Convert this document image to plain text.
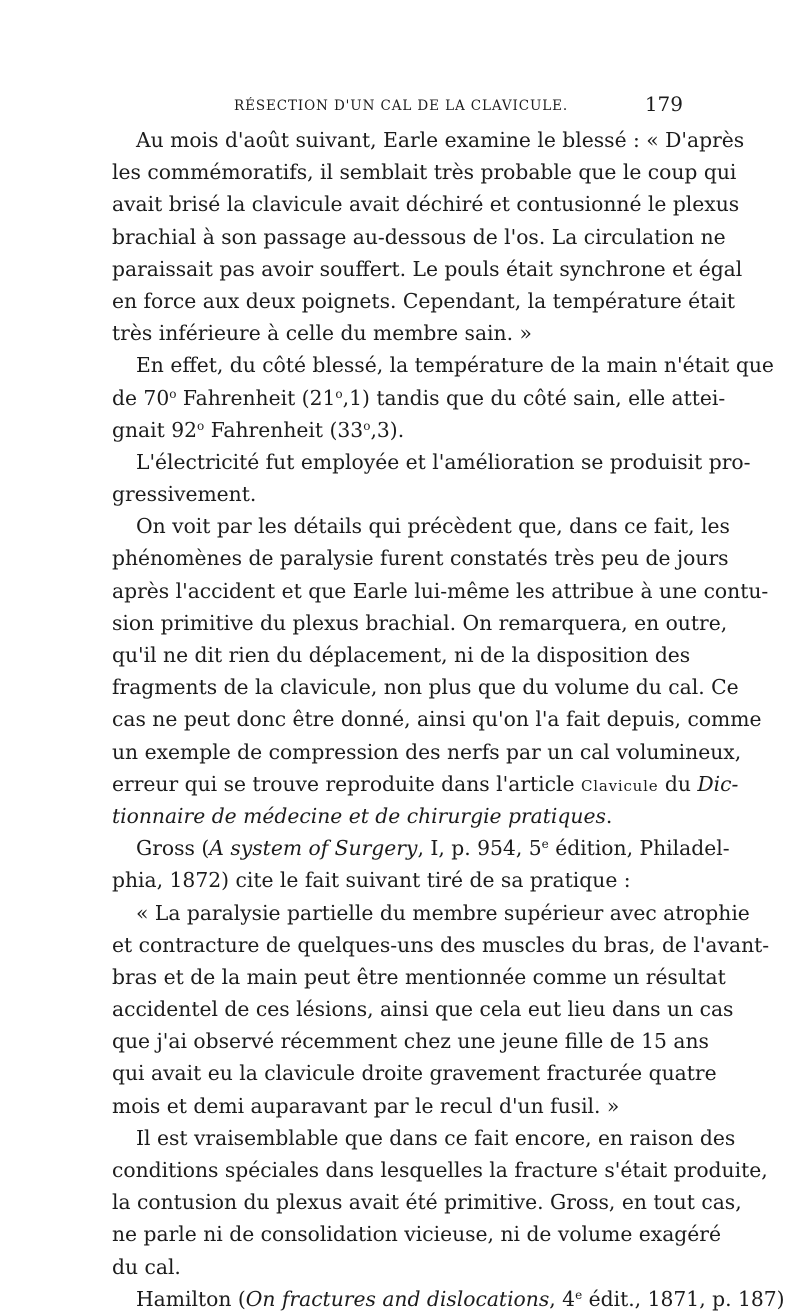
RÉSECTION D'UN CAL DE LA CLAVICULE.	179
Au mois d'août suivant, Earle examine le blessé : « D'après
les commémoratifs, il semblait très probable que le coup qui
avait brisé la clavicule avait déchiré et contusionné le plexus
brachial à son passage au-dessous de l'os. La circulation ne
paraissait pas avoir souffert. Le pouls était synchrone et égal
en force aux deux poignets. Cependant, la température était
très inférieure à celle du membre sain. »
En effet, du côté blessé, la température de la main n'était que
de 70$^o$ Fahrenheit (21$^o$,1) tandis que du côté sain, elle attei-
gnait 92$^o$ Fahrenheit (33$^o$,3).
L'électricité fut employée et l'amélioration se produisit pro-
gressivement.
On voit par les détails qui précèdent que, dans ce fait, les
phénomènes de paralysie furent constatés très peu de jours
après l'accident et que Earle lui-même les attribue à une contu-
sion primitive du plexus brachial. On remarquera, en outre,
qu'il ne dit rien du déplacement, ni de la disposition des
fragments de la clavicule, non plus que du volume du cal. Ce
cas ne peut donc être donné, ainsi qu'on l'a fait depuis, comme
un exemple de compression des nerfs par un cal volumineux,
erreur qui se trouve reproduite dans l'article Clavicule du Dic-
tionnaire de médecine et de chirurgie pratiques.
Gross (A system of Surgery, I, p. 954, 5e édition, Philadel-
phia, 1872) cite le fait suivant tiré de sa pratique :
« La paralysie partielle du membre supérieur avec atrophie
et contracture de quelques-uns des muscles du bras, de l'avant-
bras et de la main peut être mentionnée comme un résultat
accidentel de ces lésions, ainsi que cela eut lieu dans un cas
que j'ai observé récemment chez une jeune fille de 15 ans
qui avait eu la clavicule droite gravement fracturée quatre
mois et demi auparavant par le recul d'un fusil. »
Il est vraisemblable que dans ce fait encore, en raison des
conditions spéciales dans lesquelles la fracture s'était produite,
la contusion du plexus avait été primitive. Gross, en tout cas,
ne parle ni de consolidation vicieuse, ni de volume exagéré
du cal.
Hamilton (On fractures and dislocations, 4e édit., 1871, p. 187)
